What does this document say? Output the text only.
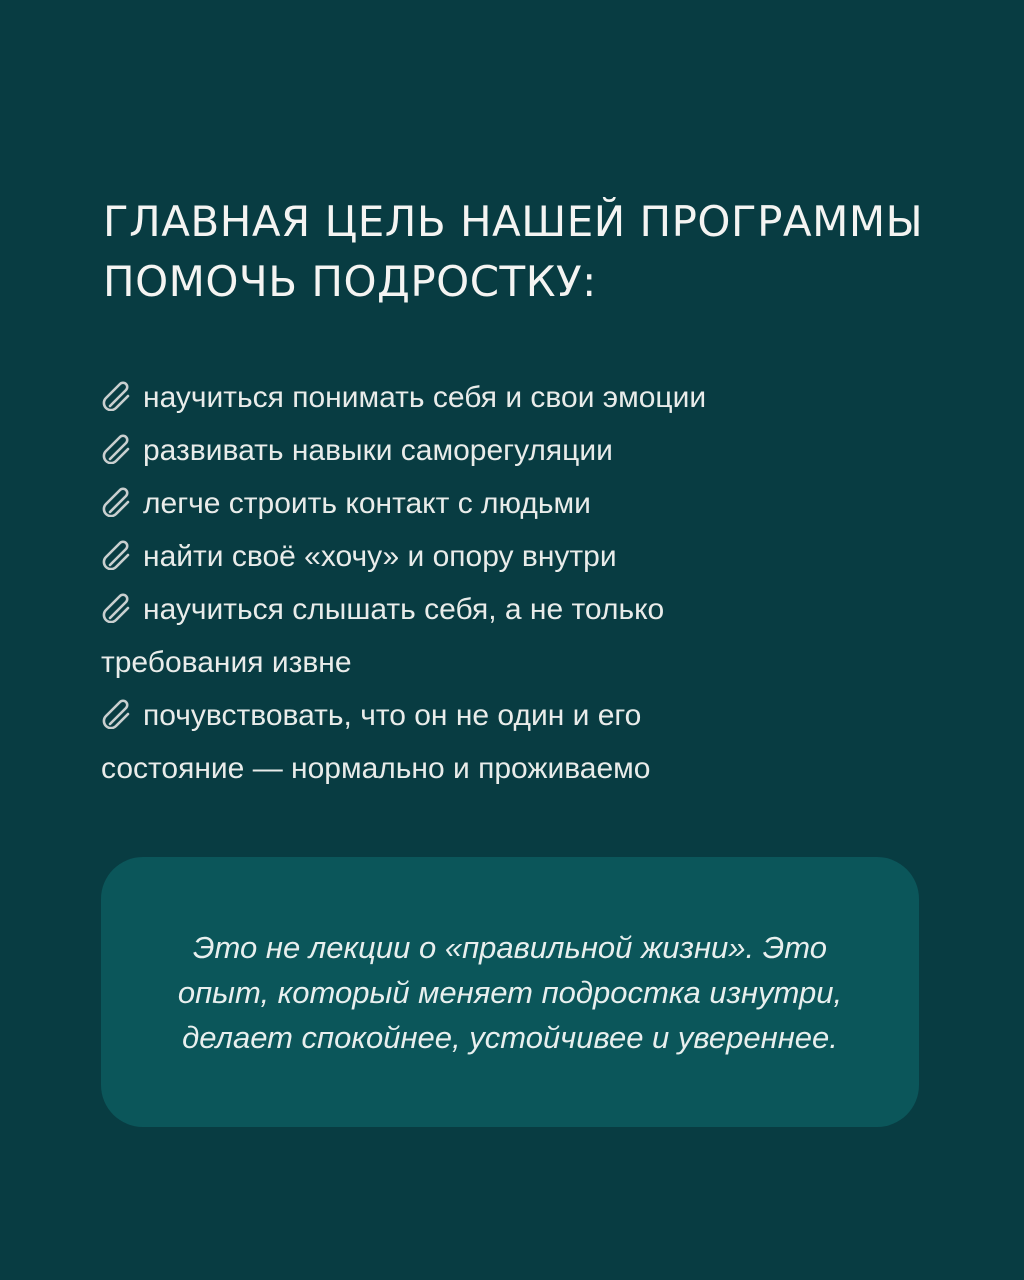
ГЛАВНАЯ ЦЕЛЬ НАШЕЙ ПРОГРАММЫ
ПОМОЧЬ ПОДРОСТКУ:
научиться понимать себя и свои эмоции
развивать навыки саморегуляции
легче строить контакт с людьми
найти своё «хочу» и опору внутри
научиться слышать себя, а не только
требования извне
почувствовать, что он не один и его
состояние — нормально и проживаемо

Это не лекции о «правильной жизни». Это
опыт, который меняет подростка изнутри,
делает спокойнее, устойчивее и увереннее.
